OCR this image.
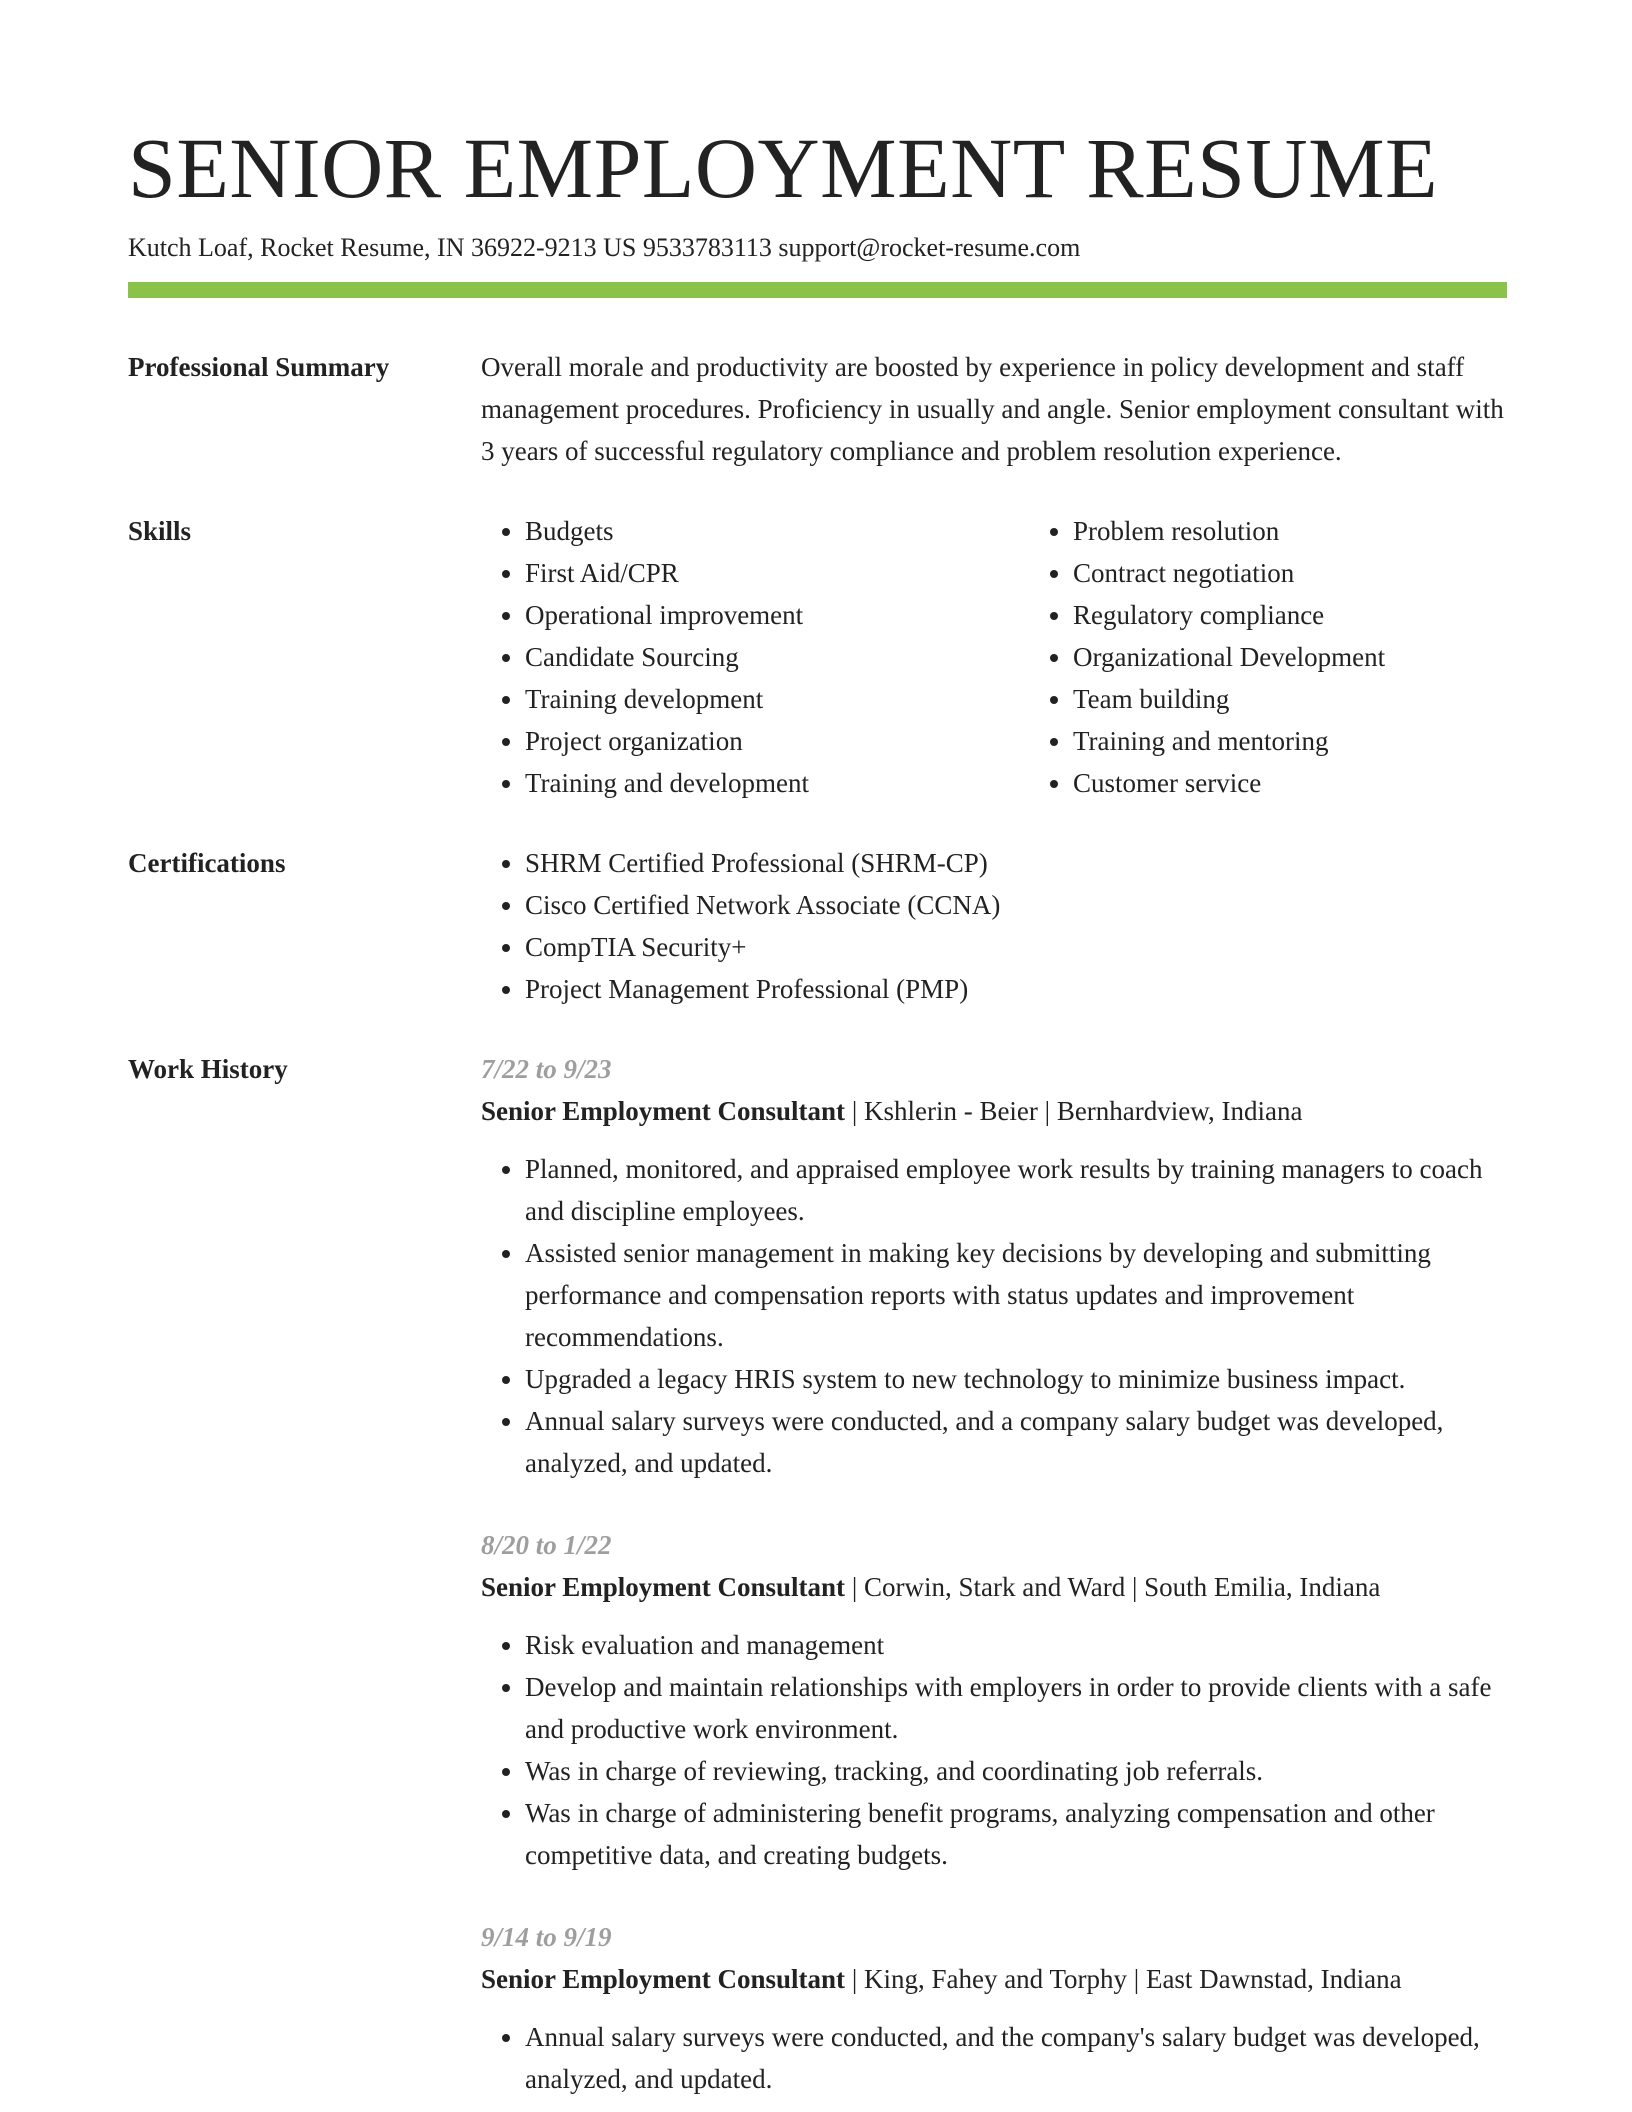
SENIOR EMPLOYMENT RESUME
Kutch Loaf, Rocket Resume, IN 36922-9213 US 9533783113 support@rocket-resume.com
Professional Summary	Overall morale and productivity are boosted by experience in policy development and staff management procedures. Proficiency in usually and angle. Senior employment consultant with 3 years of successful regulatory compliance and problem resolution experience.
Skills	• Budgets
• First Aid/CPR
• Operational improvement
• Candidate Sourcing
• Training development
• Project organization
• Training and development
• Problem resolution
• Contract negotiation
• Regulatory compliance
• Organizational Development
• Team building
• Training and mentoring
• Customer service
Certifications	• SHRM Certified Professional (SHRM-CP)
• Cisco Certified Network Associate (CCNA)
• CompTIA Security+
• Project Management Professional (PMP)
Work History	7/22 to 9/23
Senior Employment Consultant | Kshlerin - Beier | Bernhardview, Indiana
• Planned, monitored, and appraised employee work results by training managers to coach and discipline employees.
• Assisted senior management in making key decisions by developing and submitting performance and compensation reports with status updates and improvement recommendations.
• Upgraded a legacy HRIS system to new technology to minimize business impact.
• Annual salary surveys were conducted, and a company salary budget was developed, analyzed, and updated.
8/20 to 1/22
Senior Employment Consultant | Corwin, Stark and Ward | South Emilia, Indiana
• Risk evaluation and management
• Develop and maintain relationships with employers in order to provide clients with a safe and productive work environment.
• Was in charge of reviewing, tracking, and coordinating job referrals.
• Was in charge of administering benefit programs, analyzing compensation and other competitive data, and creating budgets.
9/14 to 9/19
Senior Employment Consultant | King, Fahey and Torphy | East Dawnstad, Indiana
• Annual salary surveys were conducted, and the company's salary budget was developed, analyzed, and updated.
